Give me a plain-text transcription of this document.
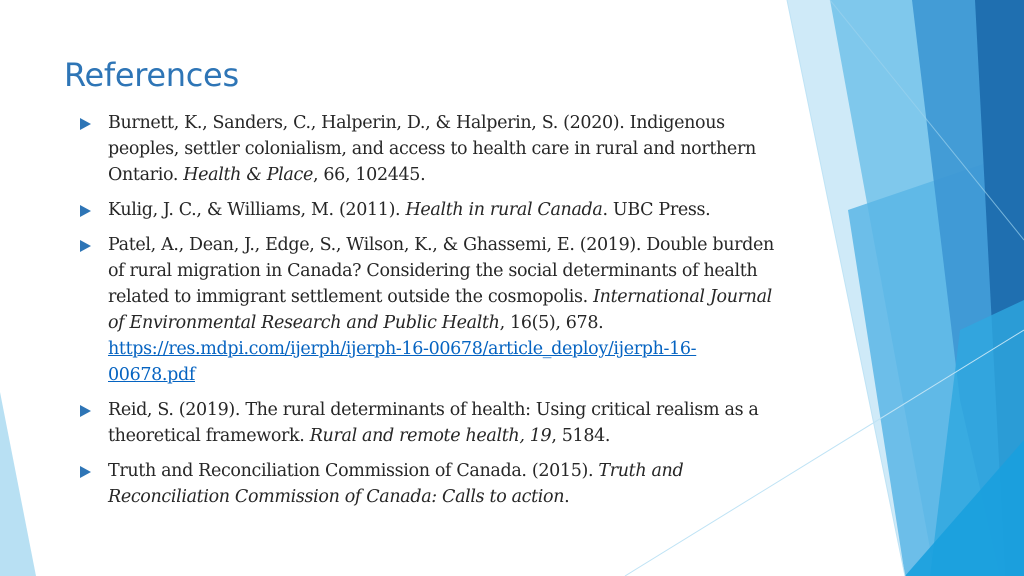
References
Burnett, K., Sanders, C., Halperin, D., & Halperin, S. (2020). Indigenous peoples, settler colonialism, and access to health care in rural and northern Ontario. Health & Place, 66, 102445.
Kulig, J. C., & Williams, M. (2011). Health in rural Canada. UBC Press.
Patel, A., Dean, J., Edge, S., Wilson, K., & Ghassemi, E. (2019). Double burden of rural migration in Canada? Considering the social determinants of health related to immigrant settlement outside the cosmopolis. International Journal of Environmental Research and Public Health, 16(5), 678. https://res.mdpi.com/ijerph/ijerph-16-00678/article_deploy/ijerph-16-00678.pdf
Reid, S. (2019). The rural determinants of health: Using critical realism as a theoretical framework. Rural and remote health, 19, 5184.
Truth and Reconciliation Commission of Canada. (2015). Truth and Reconciliation Commission of Canada: Calls to action.
